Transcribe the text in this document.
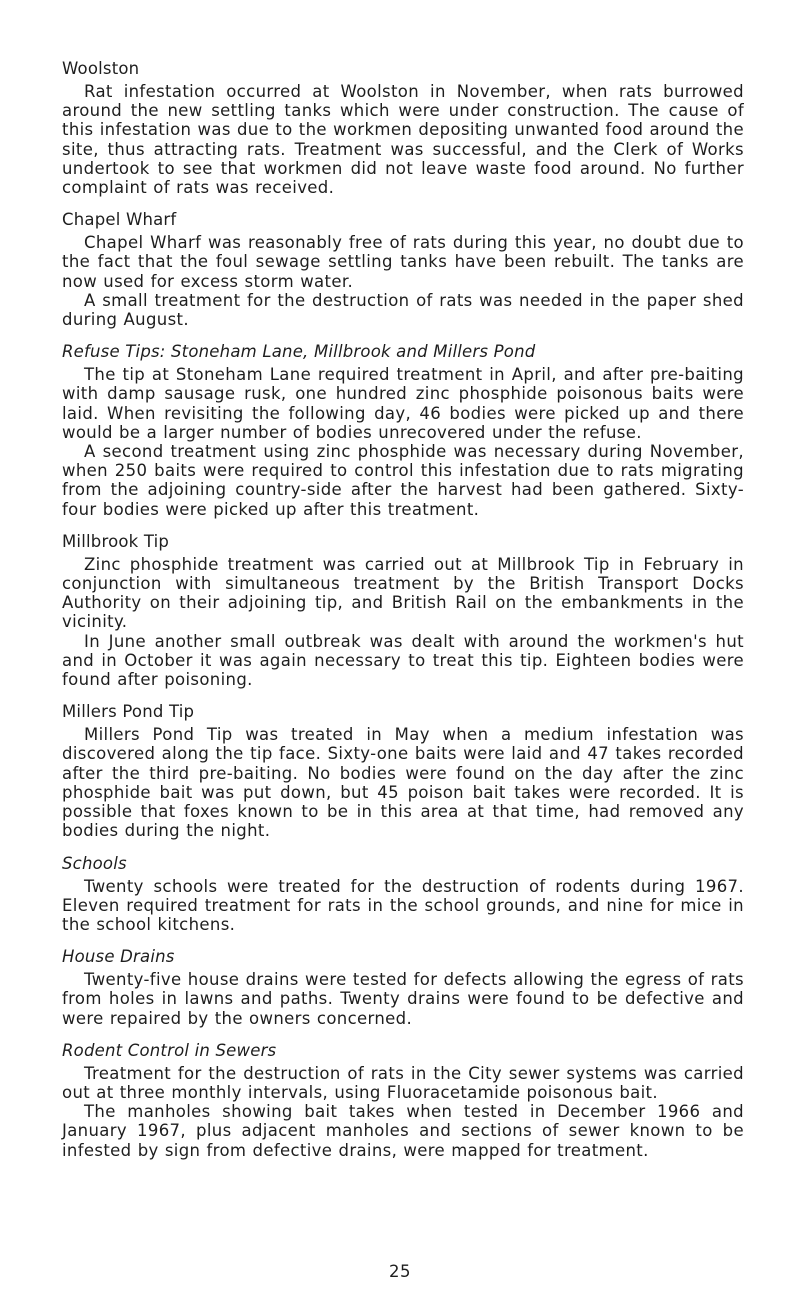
Woolston

Rat infestation occurred at Woolston in November, when rats burrowed around the new settling tanks which were under construction. The cause of this infestation was due to the workmen depositing unwanted food around the site, thus attracting rats. Treatment was successful, and the Clerk of Works undertook to see that workmen did not leave waste food around. No further complaint of rats was received.

Chapel Wharf

Chapel Wharf was reasonably free of rats during this year, no doubt due to the fact that the foul sewage settling tanks have been rebuilt. The tanks are now used for excess storm water.

A small treatment for the destruction of rats was needed in the paper shed during August.

Refuse Tips: Stoneham Lane, Millbrook and Millers Pond

The tip at Stoneham Lane required treatment in April, and after pre-baiting with damp sausage rusk, one hundred zinc phosphide poisonous baits were laid. When revisiting the following day, 46 bodies were picked up and there would be a larger number of bodies unrecovered under the refuse.

A second treatment using zinc phosphide was necessary during November, when 250 baits were required to control this infestation due to rats migrating from the adjoining country-side after the harvest had been gathered. Sixty-four bodies were picked up after this treatment.

Millbrook Tip

Zinc phosphide treatment was carried out at Millbrook Tip in February in conjunction with simultaneous treatment by the British Transport Docks Authority on their adjoining tip, and British Rail on the embankments in the vicinity.

In June another small outbreak was dealt with around the workmen's hut and in October it was again necessary to treat this tip. Eighteen bodies were found after poisoning.

Millers Pond Tip

Millers Pond Tip was treated in May when a medium infestation was discovered along the tip face. Sixty-one baits were laid and 47 takes recorded after the third pre-baiting. No bodies were found on the day after the zinc phosphide bait was put down, but 45 poison bait takes were recorded. It is possible that foxes known to be in this area at that time, had removed any bodies during the night.

Schools

Twenty schools were treated for the destruction of rodents during 1967. Eleven required treatment for rats in the school grounds, and nine for mice in the school kitchens.

House Drains

Twenty-five house drains were tested for defects allowing the egress of rats from holes in lawns and paths. Twenty drains were found to be defective and were repaired by the owners concerned.

Rodent Control in Sewers

Treatment for the destruction of rats in the City sewer systems was carried out at three monthly intervals, using Fluoracetamide poisonous bait.

The manholes showing bait takes when tested in December 1966 and January 1967, plus adjacent manholes and sections of sewer known to be infested by sign from defective drains, were mapped for treatment.

25
